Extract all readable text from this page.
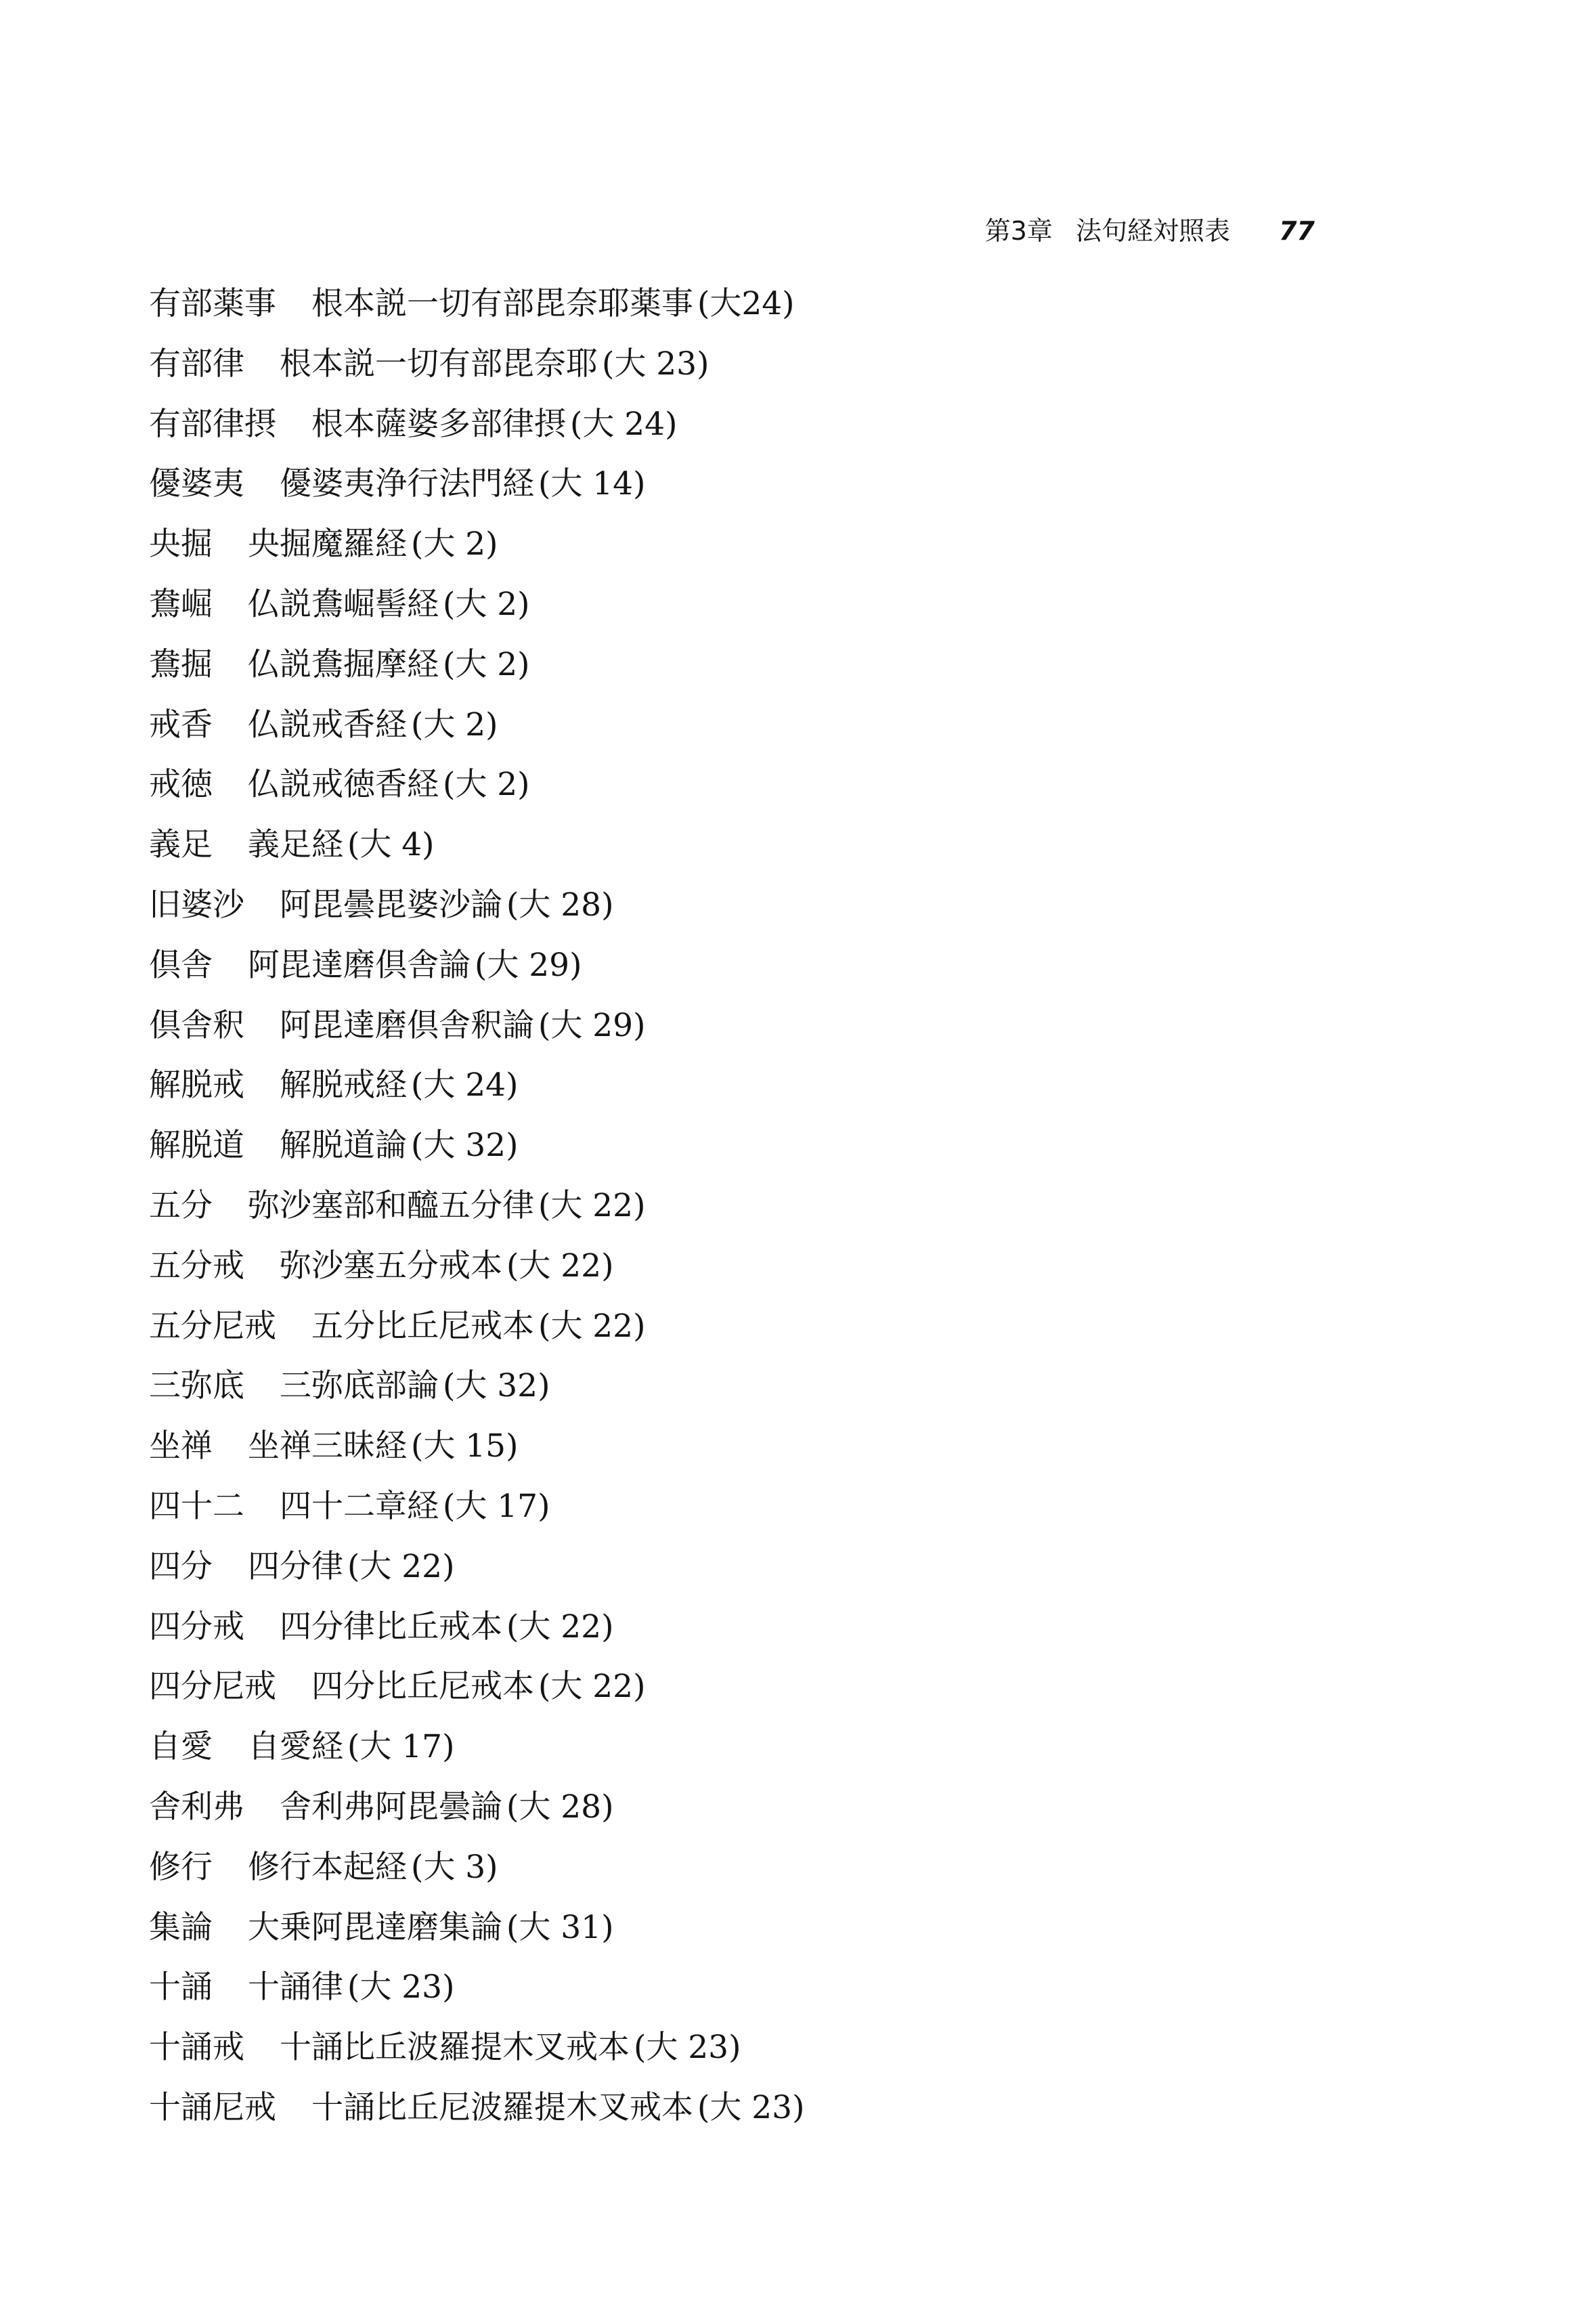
第3章 法句経対照表 77
有部薬事 根本説一切有部毘奈耶薬事 (大24)
有部律 根本説一切有部毘奈耶 (大 23)
有部律摂 根本薩婆多部律摂 (大 24)
優婆夷 優婆夷浄行法門経 (大 14)
央掘 央掘魔羅経 (大 2)
鴦崛 仏説鴦崛髻経 (大 2)
鴦掘 仏説鴦掘摩経 (大 2)
戒香 仏説戒香経 (大 2)
戒徳 仏説戒徳香経 (大 2)
義足 義足経 (大 4)
旧婆沙 阿毘曇毘婆沙論 (大 28)
倶舎 阿毘達磨倶舎論 (大 29)
倶舎釈 阿毘達磨倶舎釈論 (大 29)
解脱戒 解脱戒経 (大 24)
解脱道 解脱道論 (大 32)
五分 弥沙塞部和醯五分律 (大 22)
五分戒 弥沙塞五分戒本 (大 22)
五分尼戒 五分比丘尼戒本 (大 22)
三弥底 三弥底部論 (大 32)
坐禅 坐禅三昧経 (大 15)
四十二 四十二章経 (大 17)
四分 四分律 (大 22)
四分戒 四分律比丘戒本 (大 22)
四分尼戒 四分比丘尼戒本 (大 22)
自愛 自愛経 (大 17)
舎利弗 舎利弗阿毘曇論 (大 28)
修行 修行本起経 (大 3)
集論 大乗阿毘達磨集論 (大 31)
十誦 十誦律 (大 23)
十誦戒 十誦比丘波羅提木叉戒本 (大 23)
十誦尼戒 十誦比丘尼波羅提木叉戒本 (大 23)
